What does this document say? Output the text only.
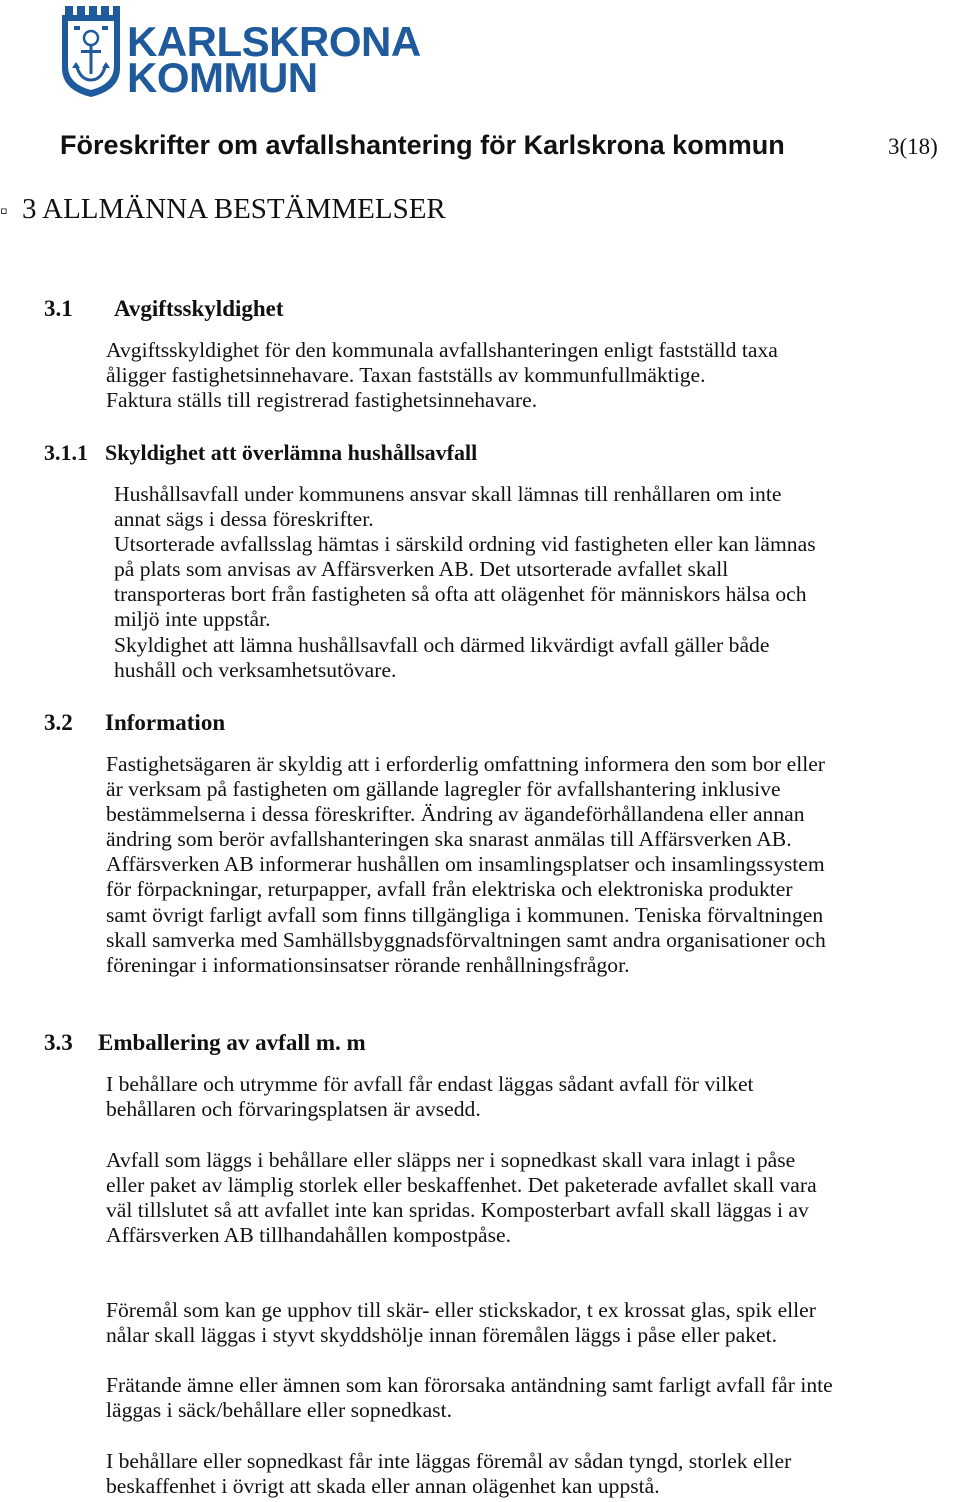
KARLSKRONA
KOMMUN
Föreskrifter om avfallshantering för Karlskrona kommun	3(18)
▫ 3 ALLMÄNNA BESTÄMMELSER
3.1 Avgiftsskyldighet

Avgiftsskyldighet för den kommunala avfallshanteringen enligt fastställd taxa

åligger fastighetsinnehavare. Taxan fastställs av kommunfullmäktige.

Faktura ställs till registrerad fastighetsinnehavare.

3.1.1 Skyldighet att överlämna hushållsavfall

Hushållsavfall under kommunens ansvar skall lämnas till renhållaren om inte

annat sägs i dessa föreskrifter.

Utsorterade avfallsslag hämtas i särskild ordning vid fastigheten eller kan lämnas

på plats som anvisas av Affärsverken AB. Det utsorterade avfallet skall

transporteras bort från fastigheten så ofta att olägenhet för människors hälsa och

miljö inte uppstår.

Skyldighet att lämna hushållsavfall och därmed likvärdigt avfall gäller både

hushåll och verksamhetsutövare.

3.2 Information

Fastighetsägaren är skyldig att i erforderlig omfattning informera den som bor eller

är verksam på fastigheten om gällande lagregler för avfallshantering inklusive

bestämmelserna i dessa föreskrifter. Ändring av ägandeförhållandena eller annan

ändring som berör avfallshanteringen ska snarast anmälas till Affärsverken AB.

Affärsverken AB informerar hushållen om insamlingsplatser och insamlingssystem

för förpackningar, returpapper, avfall från elektriska och elektroniska produkter

samt övrigt farligt avfall som finns tillgängliga i kommunen. Teniska förvaltningen

skall samverka med Samhällsbyggnadsförvaltningen samt andra organisationer och

föreningar i informationsinsatser rörande renhållningsfrågor.

3.3 Emballering av avfall m. m

I behållare och utrymme för avfall får endast läggas sådant avfall för vilket

behållaren och förvaringsplatsen är avsedd.

Avfall som läggs i behållare eller släpps ner i sopnedkast skall vara inlagt i påse

eller paket av lämplig storlek eller beskaffenhet. Det paketerade avfallet skall vara

väl tillslutet så att avfallet inte kan spridas. Komposterbart avfall skall läggas i av

Affärsverken AB tillhandahållen kompostpåse.

Föremål som kan ge upphov till skär- eller stickskador, t ex krossat glas, spik eller

nålar skall läggas i styvt skyddshölje innan föremålen läggs i påse eller paket.

Frätande ämne eller ämnen som kan förorsaka antändning samt farligt avfall får inte

läggas i säck/behållare eller sopnedkast.

I behållare eller sopnedkast får inte läggas föremål av sådan tyngd, storlek eller

beskaffenhet i övrigt att skada eller annan olägenhet kan uppstå.
